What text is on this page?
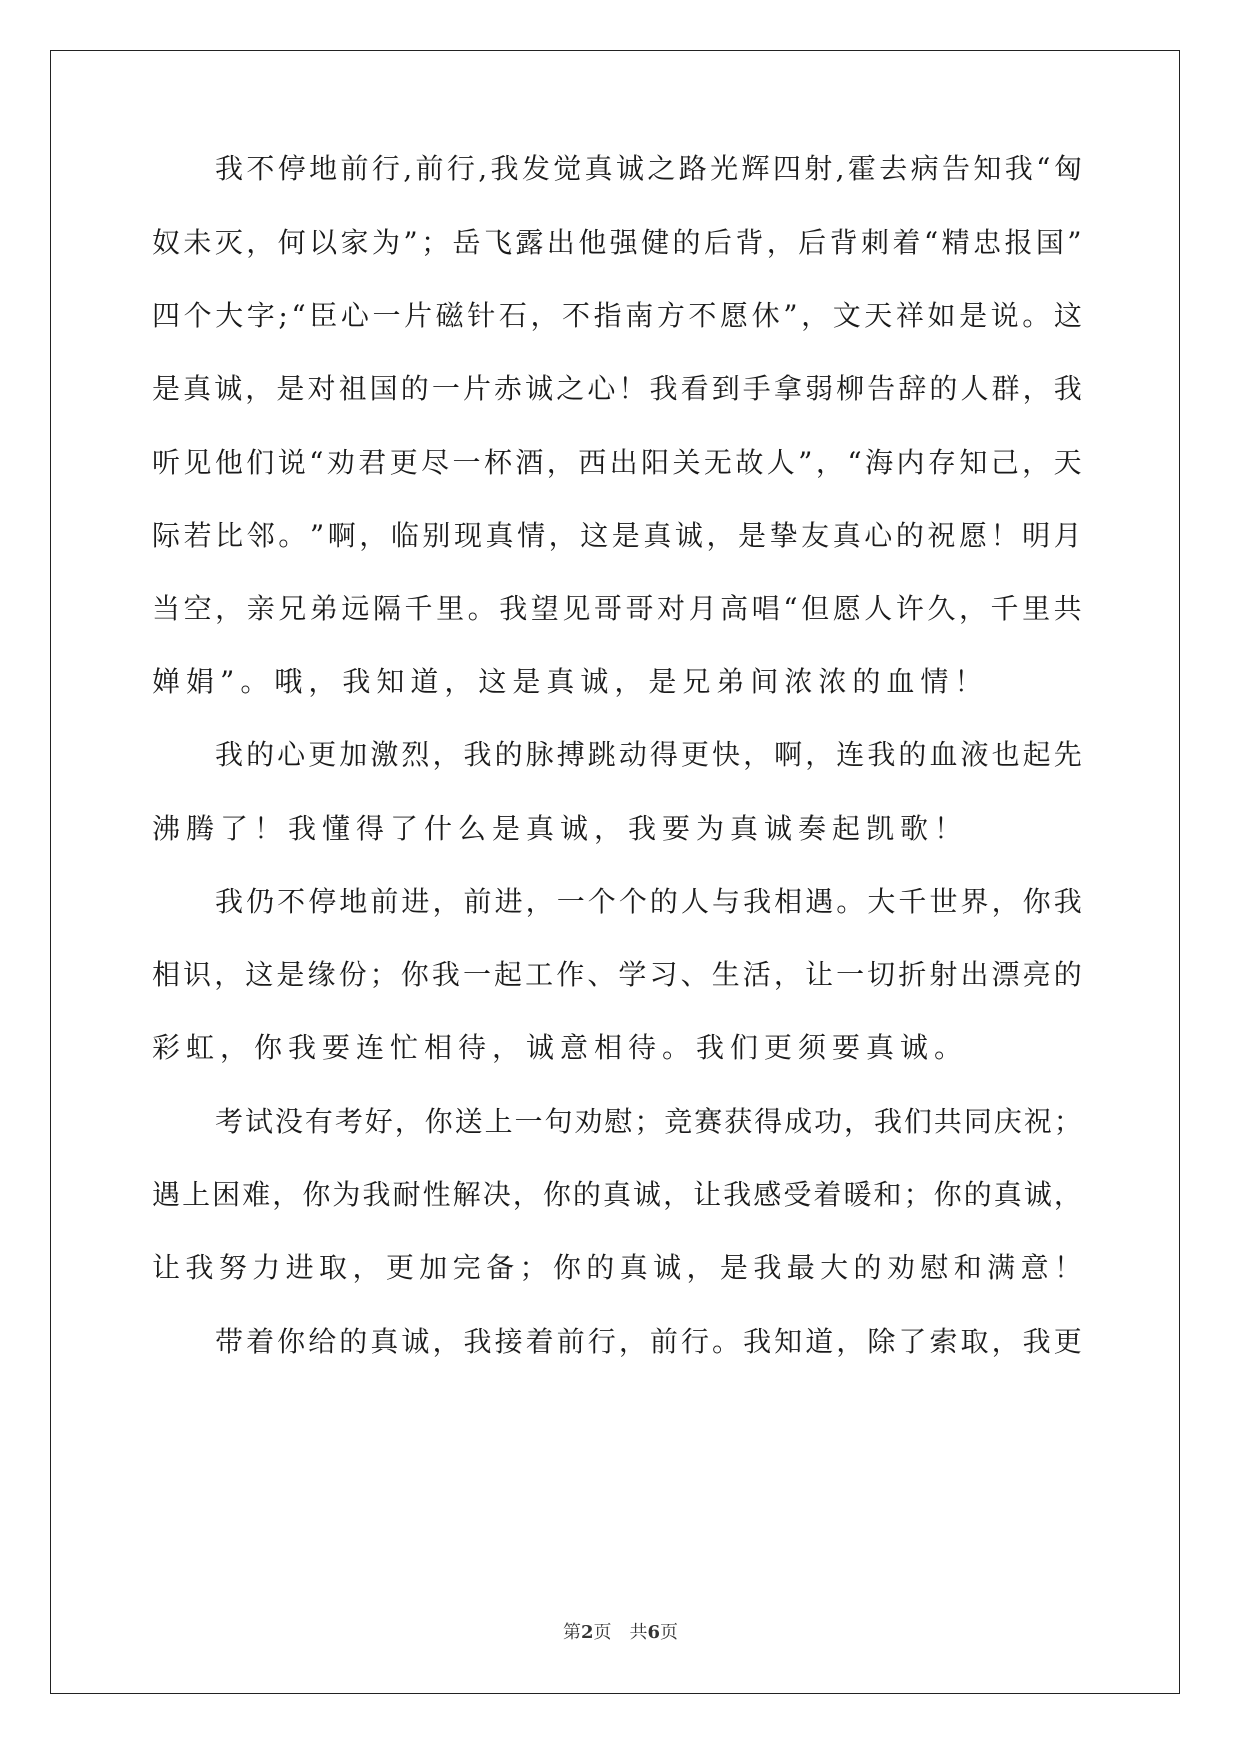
我 不 停 地 前 行 , 前 行 , 我 发 觉 真 诚 之 路 光 辉 四 射 , 霍 去 病 告 知 我 “ 匈
奴 未 灭 ， 何 以 家 为 ” ； 岳 飞 露 出 他 强 健 的 后 背 ， 后 背 刺 着 “ 精 忠 报 国 ”
四 个 大 字 ; “ 臣 心 一 片 磁 针 石 ， 不 指 南 方 不 愿 休 ” ， 文 天 祥 如 是 说 。 这
是 真 诚 ， 是 对 祖 国 的 一 片 赤 诚 之 心 ！ 我 看 到 手 拿 弱 柳 告 辞 的 人 群 ， 我
听 见 他 们 说 “ 劝 君 更 尽 一 杯 酒 ， 西 出 阳 关 无 故 人 ” ， “ 海 内 存 知 己 ， 天
际 若 比 邻 。 ” 啊 ， 临 别 现 真 情 ， 这 是 真 诚 ， 是 挚 友 真 心 的 祝 愿 ！ 明 月
当 空 ， 亲 兄 弟 远 隔 千 里 。 我 望 见 哥 哥 对 月 高 唱 “ 但 愿 人 许 久 ， 千 里 共
婵娟”。哦，我知道，这是真诚，是兄弟间浓浓的血情！
我 的 心 更 加 激 烈 ， 我 的 脉 搏 跳 动 得 更 快 ， 啊 ， 连 我 的 血 液 也 起 先
沸腾了！我懂得了什么是真诚，我要为真诚奏起凯歌！
我 仍 不 停 地 前 进 ， 前 进 ， 一 个 个 的 人 与 我 相 遇 。 大 千 世 界 ， 你 我
相 识 ， 这 是 缘 份 ； 你 我 一 起 工 作 、 学 习 、 生 活 ， 让 一 切 折 射 出 漂 亮 的
彩虹，你我要连忙相待，诚意相待。我们更须要真诚。
考 试 没 有 考 好 ， 你 送 上 一 句 劝 慰 ； 竞 赛 获 得 成 功 ， 我 们 共 同 庆 祝 ；
遇 上 困 难 ， 你 为 我 耐 性 解 决 ， 你 的 真 诚 ， 让 我 感 受 着 暖 和 ； 你 的 真 诚 ，
让 我 努 力 进 取 ， 更 加 完 备 ； 你 的 真 诚 ， 是 我 最 大 的 劝 慰 和 满 意 ！
带 着 你 给 的 真 诚 ， 我 接 着 前 行 ， 前 行 。 我 知 道 ， 除 了 索 取 ， 我 更
第2页　共6页
